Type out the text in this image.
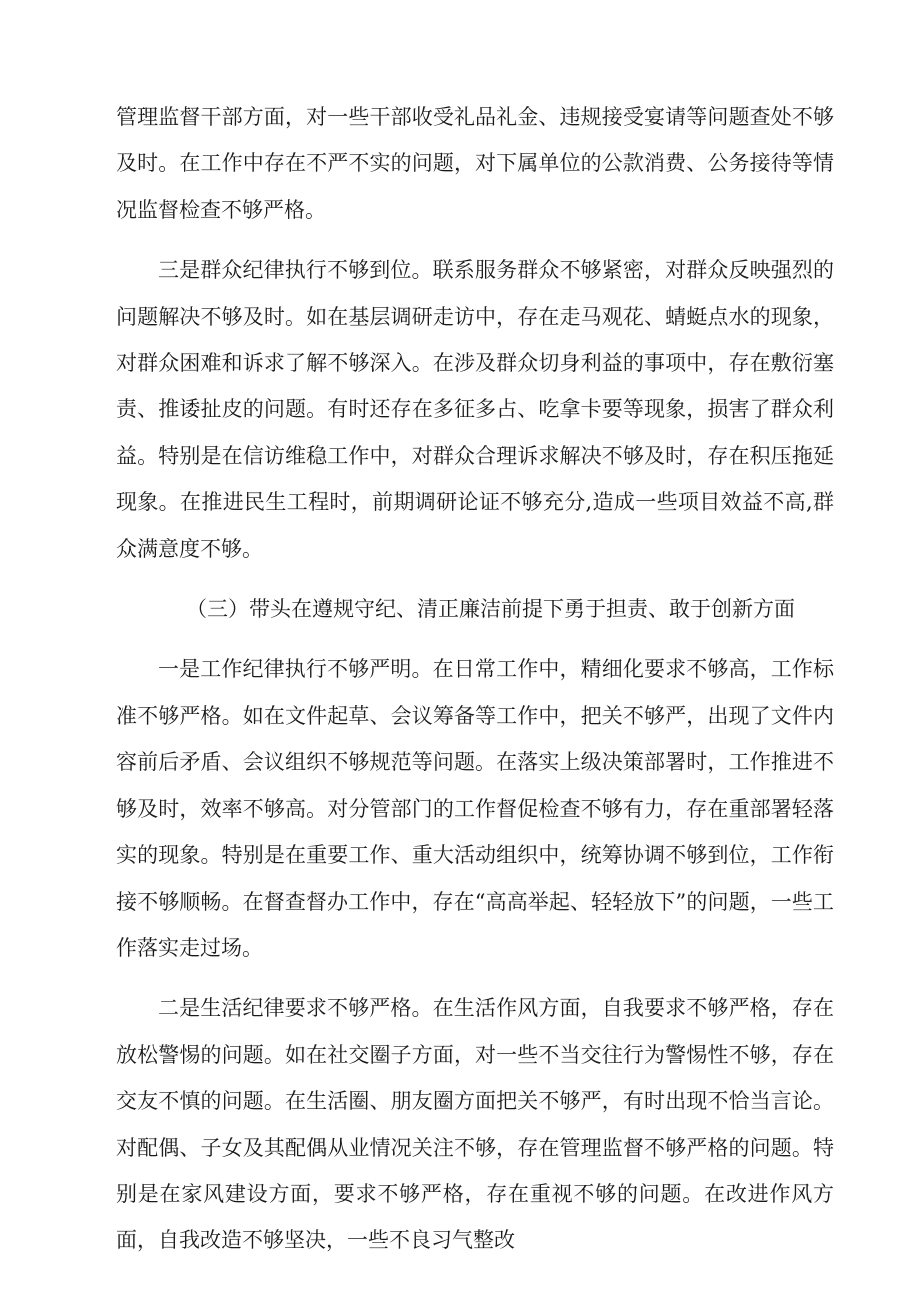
管理监督干部方面，对一些干部收受礼品礼金、违规接受宴请等问题查处不够及时。在工作中存在不严不实的问题，对下属单位的公款消费、公务接待等情况监督检查不够严格。

三是群众纪律执行不够到位。联系服务群众不够紧密，对群众反映强烈的问题解决不够及时。如在基层调研走访中，存在走马观花、蜻蜓点水的现象，对群众困难和诉求了解不够深入。在涉及群众切身利益的事项中，存在敷衍塞责、推诿扯皮的问题。有时还存在多征多占、吃拿卡要等现象，损害了群众利益。特别是在信访维稳工作中，对群众合理诉求解决不够及时，存在积压拖延现象。在推进民生工程时，前期调研论证不够充分,造成一些项目效益不高,群众满意度不够。

（三）带头在遵规守纪、清正廉洁前提下勇于担责、敢于创新方面

一是工作纪律执行不够严明。在日常工作中，精细化要求不够高，工作标准不够严格。如在文件起草、会议筹备等工作中，把关不够严，出现了文件内容前后矛盾、会议组织不够规范等问题。在落实上级决策部署时，工作推进不够及时，效率不够高。对分管部门的工作督促检查不够有力，存在重部署轻落实的现象。特别是在重要工作、重大活动组织中，统筹协调不够到位，工作衔接不够顺畅。在督查督办工作中，存在“高高举起、轻轻放下”的问题，一些工作落实走过场。

二是生活纪律要求不够严格。在生活作风方面，自我要求不够严格，存在放松警惕的问题。如在社交圈子方面，对一些不当交往行为警惕性不够，存在交友不慎的问题。在生活圈、朋友圈方面把关不够严，有时出现不恰当言论。对配偶、子女及其配偶从业情况关注不够，存在管理监督不够严格的问题。特别是在家风建设方面，要求不够严格，存在重视不够的问题。在改进作风方面，自我改造不够坚决，一些不良习气整改
